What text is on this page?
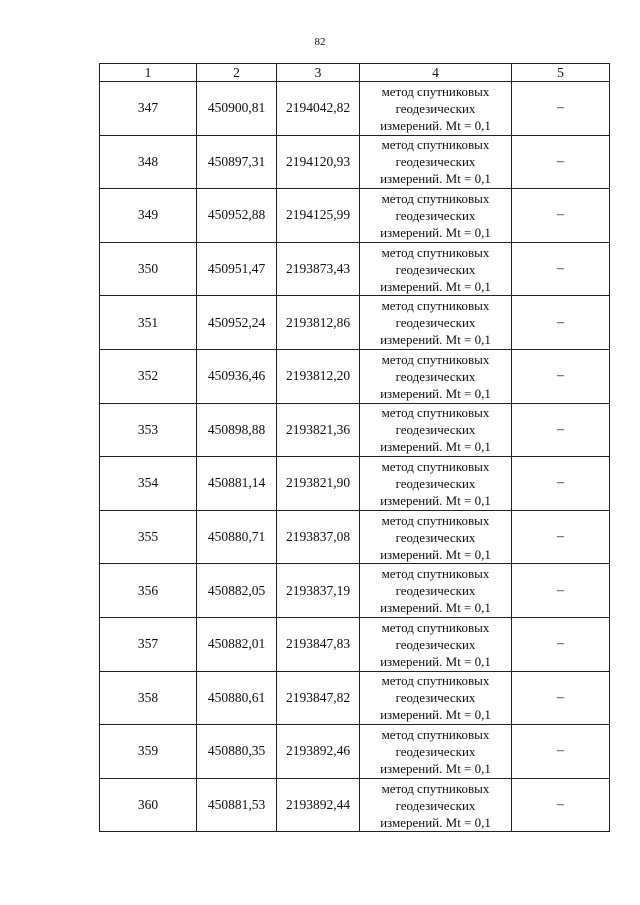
82
1	2	3	4	5
347	450900,81	2194042,82	метод спутниковых
геодезических
измерений. Mt = 0,1	–
348	450897,31	2194120,93	метод спутниковых
геодезических
измерений. Mt = 0,1	–
349	450952,88	2194125,99	метод спутниковых
геодезических
измерений. Mt = 0,1	–
350	450951,47	2193873,43	метод спутниковых
геодезических
измерений. Mt = 0,1	–
351	450952,24	2193812,86	метод спутниковых
геодезических
измерений. Mt = 0,1	–
352	450936,46	2193812,20	метод спутниковых
геодезических
измерений. Mt = 0,1	–
353	450898,88	2193821,36	метод спутниковых
геодезических
измерений. Mt = 0,1	–
354	450881,14	2193821,90	метод спутниковых
геодезических
измерений. Mt = 0,1	–
355	450880,71	2193837,08	метод спутниковых
геодезических
измерений. Mt = 0,1	–
356	450882,05	2193837,19	метод спутниковых
геодезических
измерений. Mt = 0,1	–
357	450882,01	2193847,83	метод спутниковых
геодезических
измерений. Mt = 0,1	–
358	450880,61	2193847,82	метод спутниковых
геодезических
измерений. Mt = 0,1	–
359	450880,35	2193892,46	метод спутниковых
геодезических
измерений. Mt = 0,1	–
360	450881,53	2193892,44	метод спутниковых
геодезических
измерений. Mt = 0,1	–
